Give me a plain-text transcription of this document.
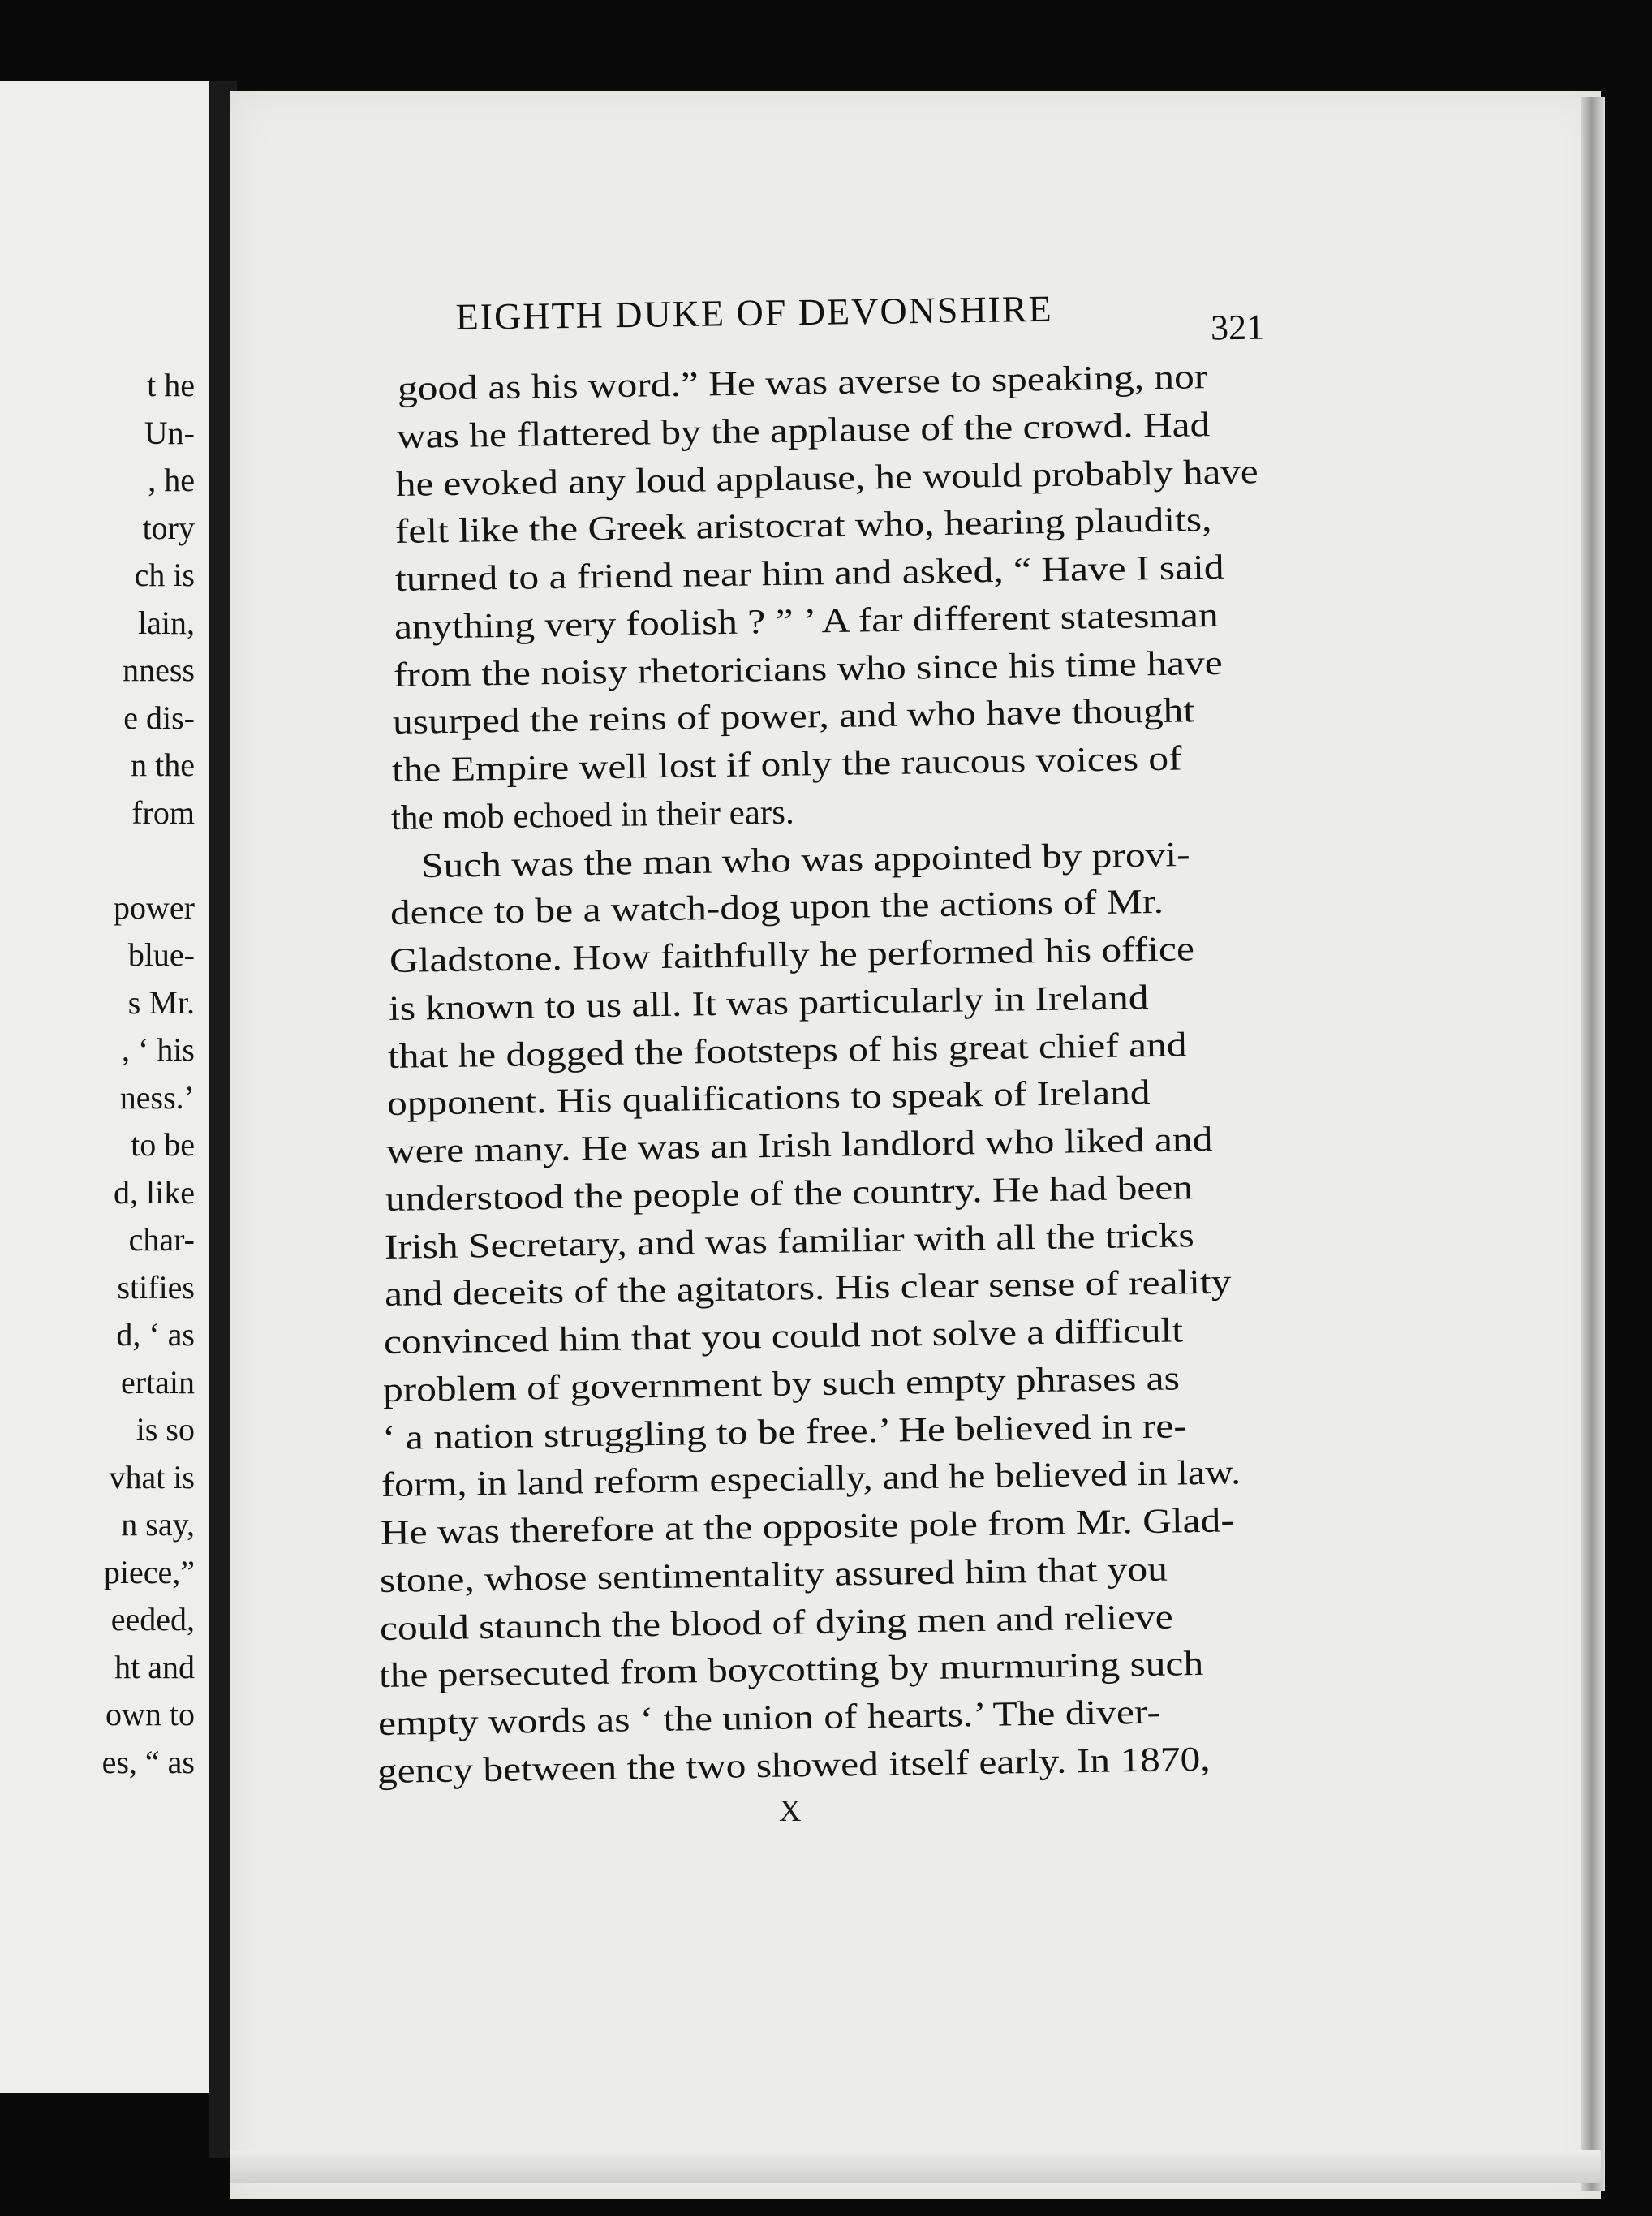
t he
Un-
, he
tory
ch is
lain,
nness
e dis-
n the
from
power
blue-
s Mr.
, ‘ his
ness.’
to be
d, like
char-
stifies
d, ‘ as
ertain
is so
vhat is
n say,
piece,”
eeded,
ht and
own to
es, “ as
EIGHTH DUKE OF DEVONSHIRE	321
good as his word.” He was averse to speaking, nor
was he flattered by the applause of the crowd. Had
he evoked any loud applause, he would probably have
felt like the Greek aristocrat who, hearing plaudits,
turned to a friend near him and asked, “ Have I said
anything very foolish ? ” ’ A far different statesman
from the noisy rhetoricians who since his time have
usurped the reins of power, and who have thought
the Empire well lost if only the raucous voices of
the mob echoed in their ears.
Such was the man who was appointed by provi-
dence to be a watch-dog upon the actions of Mr.
Gladstone. How faithfully he performed his office
is known to us all. It was particularly in Ireland
that he dogged the footsteps of his great chief and
opponent. His qualifications to speak of Ireland
were many. He was an Irish landlord who liked and
understood the people of the country. He had been
Irish Secretary, and was familiar with all the tricks
and deceits of the agitators. His clear sense of reality
convinced him that you could not solve a difficult
problem of government by such empty phrases as
‘ a nation struggling to be free.’ He believed in re-
form, in land reform especially, and he believed in law.
He was therefore at the opposite pole from Mr. Glad-
stone, whose sentimentality assured him that you
could staunch the blood of dying men and relieve
the persecuted from boycotting by murmuring such
empty words as ‘ the union of hearts.’ The diver-
gency between the two showed itself early. In 1870,
X
